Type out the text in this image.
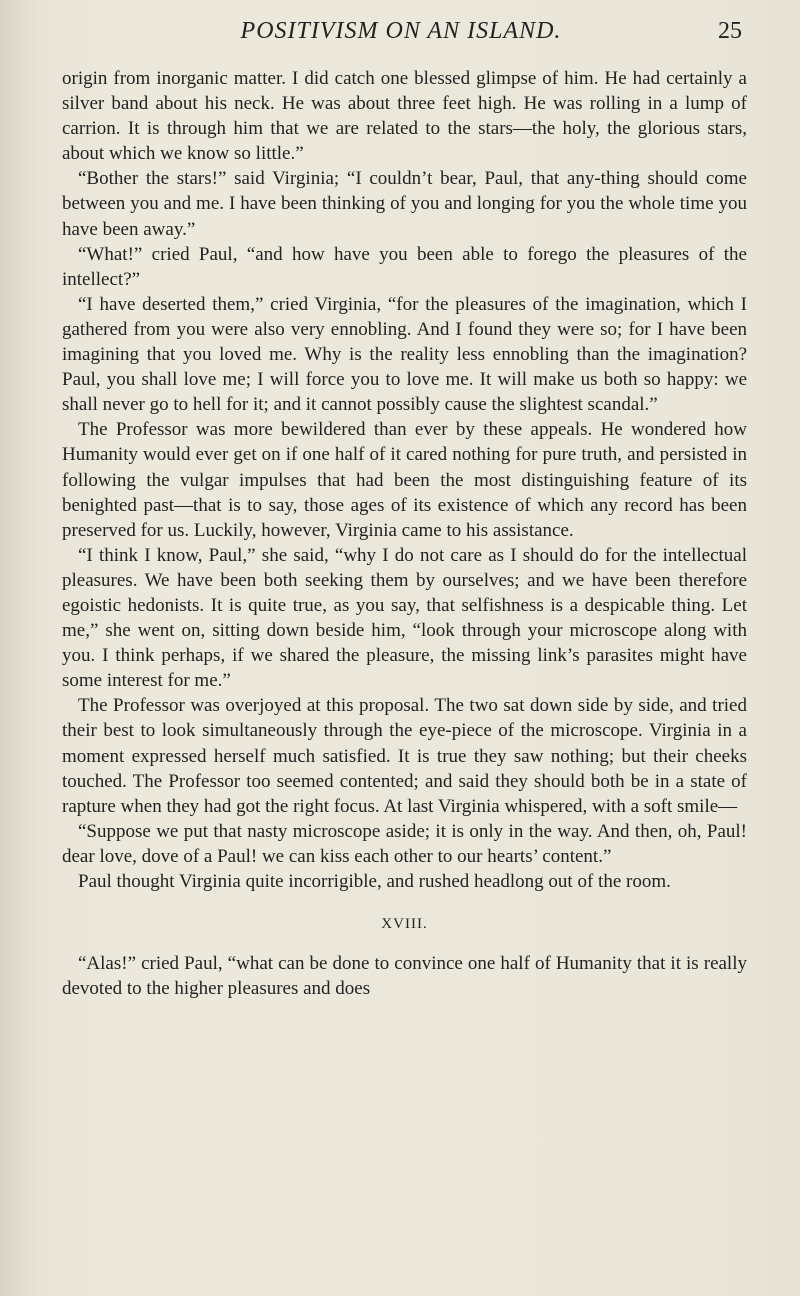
POSITIVISM ON AN ISLAND.	25

origin from inorganic matter. I did catch one blessed glimpse of him. He had certainly a silver band about his neck. He was about three feet high. He was rolling in a lump of carrion. It is through him that we are related to the stars—the holy, the glorious stars, about which we know so little.”

“Bother the stars!” said Virginia; “I couldn’t bear, Paul, that any-thing should come between you and me. I have been thinking of you and longing for you the whole time you have been away.”

“What!” cried Paul, “and how have you been able to forego the pleasures of the intellect?”

“I have deserted them,” cried Virginia, “for the pleasures of the imagination, which I gathered from you were also very ennobling. And I found they were so; for I have been imagining that you loved me. Why is the reality less ennobling than the imagination? Paul, you shall love me; I will force you to love me. It will make us both so happy: we shall never go to hell for it; and it cannot possibly cause the slightest scandal.”

The Professor was more bewildered than ever by these appeals. He wondered how Humanity would ever get on if one half of it cared nothing for pure truth, and persisted in following the vulgar impulses that had been the most distinguishing feature of its benighted past—that is to say, those ages of its existence of which any record has been preserved for us. Luckily, however, Virginia came to his assistance.

“I think I know, Paul,” she said, “why I do not care as I should do for the intellectual pleasures. We have been both seeking them by ourselves; and we have been therefore egoistic hedonists. It is quite true, as you say, that selfishness is a despicable thing. Let me,” she went on, sitting down beside him, “look through your microscope along with you. I think perhaps, if we shared the pleasure, the missing link’s parasites might have some interest for me.”

The Professor was overjoyed at this proposal. The two sat down side by side, and tried their best to look simultaneously through the eye-piece of the microscope. Virginia in a moment expressed herself much satisfied. It is true they saw nothing; but their cheeks touched. The Professor too seemed contented; and said they should both be in a state of rapture when they had got the right focus. At last Virginia whispered, with a soft smile—

“Suppose we put that nasty microscope aside; it is only in the way. And then, oh, Paul! dear love, dove of a Paul! we can kiss each other to our hearts’ content.”

Paul thought Virginia quite incorrigible, and rushed headlong out of the room.

XVIII.

“Alas!” cried Paul, “what can be done to convince one half of Humanity that it is really devoted to the higher pleasures and does
